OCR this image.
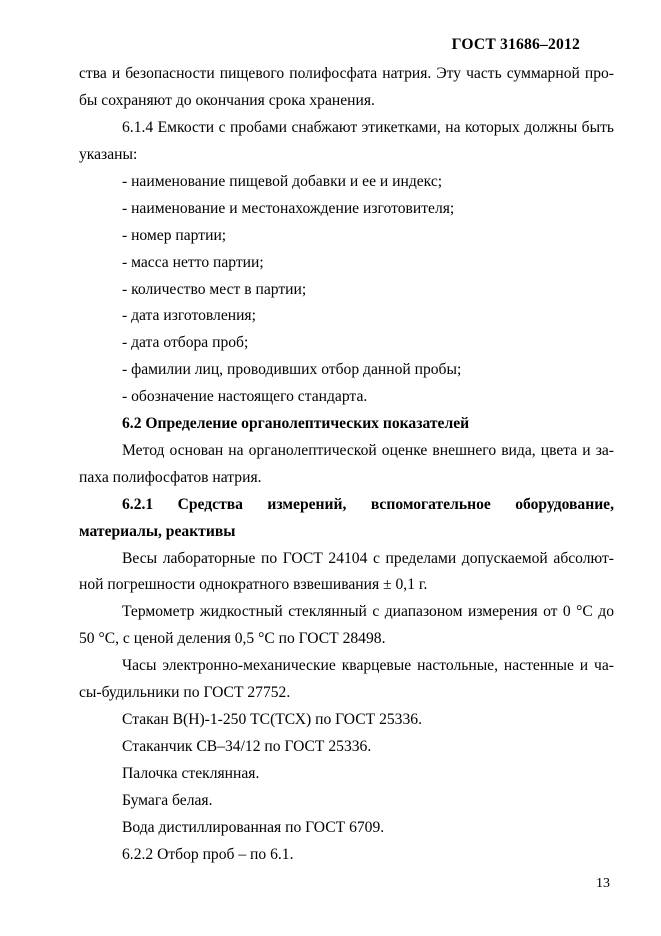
ГОСТ 31686–2012
ства и безопасности пищевого полифосфата натрия. Эту часть суммарной про-
бы сохраняют до окончания срока хранения.
6.1.4 Емкости с пробами снабжают этикетками, на которых должны быть
указаны:
- наименование пищевой добавки и ее и индекс;
- наименование и местонахождение изготовителя;
- номер партии;
- масса нетто партии;
- количество мест в партии;
- дата изготовления;
- дата отбора проб;
- фамилии лиц, проводивших отбор данной пробы;
- обозначение настоящего стандарта.
6.2 Определение органолептических показателей
Метод основан на органолептической оценке внешнего вида, цвета и за-
паха полифосфатов натрия.
6.2.1 Средства измерений, вспомогательное оборудование,
материалы, реактивы
Весы лабораторные по ГОСТ 24104 с пределами допускаемой абсолют-
ной погрешности однократного взвешивания ± 0,1 г.
Термометр жидкостный стеклянный с диапазоном измерения от 0 °С до
50 °С, с ценой деления 0,5 °С по ГОСТ 28498.
Часы электронно-механические кварцевые настольные, настенные и ча-
сы-будильники по ГОСТ 27752.
Стакан В(Н)-1-250 ТС(ТСХ) по ГОСТ 25336.
Стаканчик СВ–34/12 по ГОСТ 25336.
Палочка стеклянная.
Бумага белая.
Вода дистиллированная по ГОСТ 6709.
6.2.2 Отбор проб – по 6.1.
13
